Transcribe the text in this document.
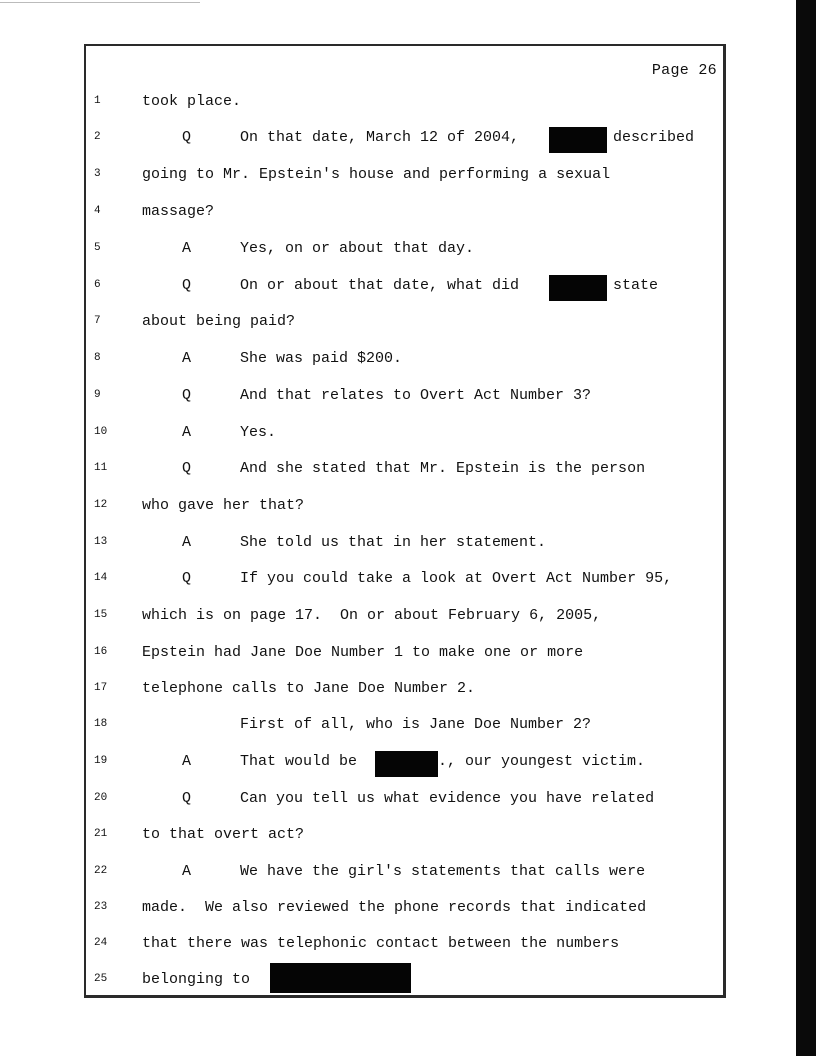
Page 26
1	took place.
2	Q	On that date, March 12 of 2004,	described
3	going to Mr. Epstein's house and performing a sexual
4	massage?
5	A	Yes, on or about that day.
6	Q	On or about that date, what did	state
7	about being paid?
8	A	She was paid $200.
9	Q	And that relates to Overt Act Number 3?
10	A	Yes.
11	Q	And she stated that Mr. Epstein is the person
12	who gave her that?
13	A	She told us that in her statement.
14	Q	If you could take a look at Overt Act Number 95,
15	which is on page 17.  On or about February 6, 2005,
16	Epstein had Jane Doe Number 1 to make one or more
17	telephone calls to Jane Doe Number 2.
18	First of all, who is Jane Doe Number 2?
19	A	That would be	., our youngest victim.
20	Q	Can you tell us what evidence you have related
21	to that overt act?
22	A	We have the girl's statements that calls were
23	made.  We also reviewed the phone records that indicated
24	that there was telephonic contact between the numbers
25	belonging to
